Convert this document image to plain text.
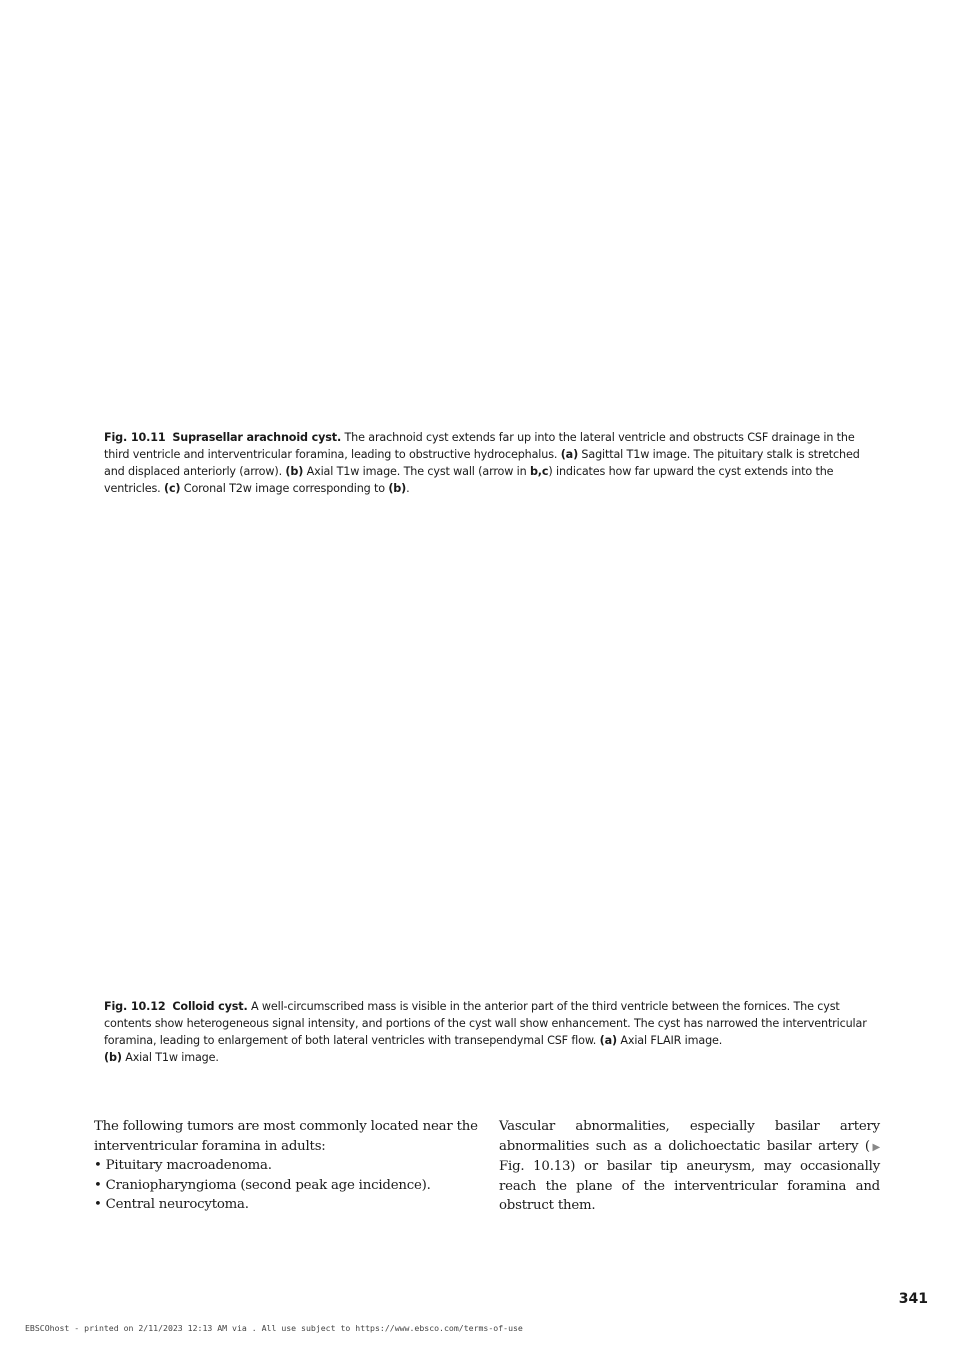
Fig. 10.11 Suprasellar arachnoid cyst. The arachnoid cyst extends far up into the lateral ventricle and obstructs CSF drainage in the third ventricle and interventricular foramina, leading to obstructive hydrocephalus. (a) Sagittal T1w image. The pituitary stalk is stretched and displaced anteriorly (arrow). (b) Axial T1w image. The cyst wall (arrow in b,c) indicates how far upward the cyst extends into the ventricles. (c) Coronal T2w image corresponding to (b).
Fig. 10.12 Colloid cyst. A well-circumscribed mass is visible in the anterior part of the third ventricle between the fornices. The cyst contents show heterogeneous signal intensity, and portions of the cyst wall show enhancement. The cyst has narrowed the interventricular foramina, leading to enlargement of both lateral ventricles with transependymal CSF flow. (a) Axial FLAIR image.
(b) Axial T1w image.
The following tumors are most commonly located near the interventricular foramina in adults:
• Pituitary macroadenoma.
• Craniopharyngioma (second peak age incidence).
• Central neurocytoma.
Vascular abnormalities, especially basilar artery abnormalities such as a dolichoectatic basilar artery (▶ Fig. 10.13) or basilar tip aneurysm, may occasionally reach the plane of the interventricular foramina and obstruct them.
341
EBSCOhost - printed on 2/11/2023 12:13 AM via . All use subject to https://www.ebsco.com/terms-of-use
